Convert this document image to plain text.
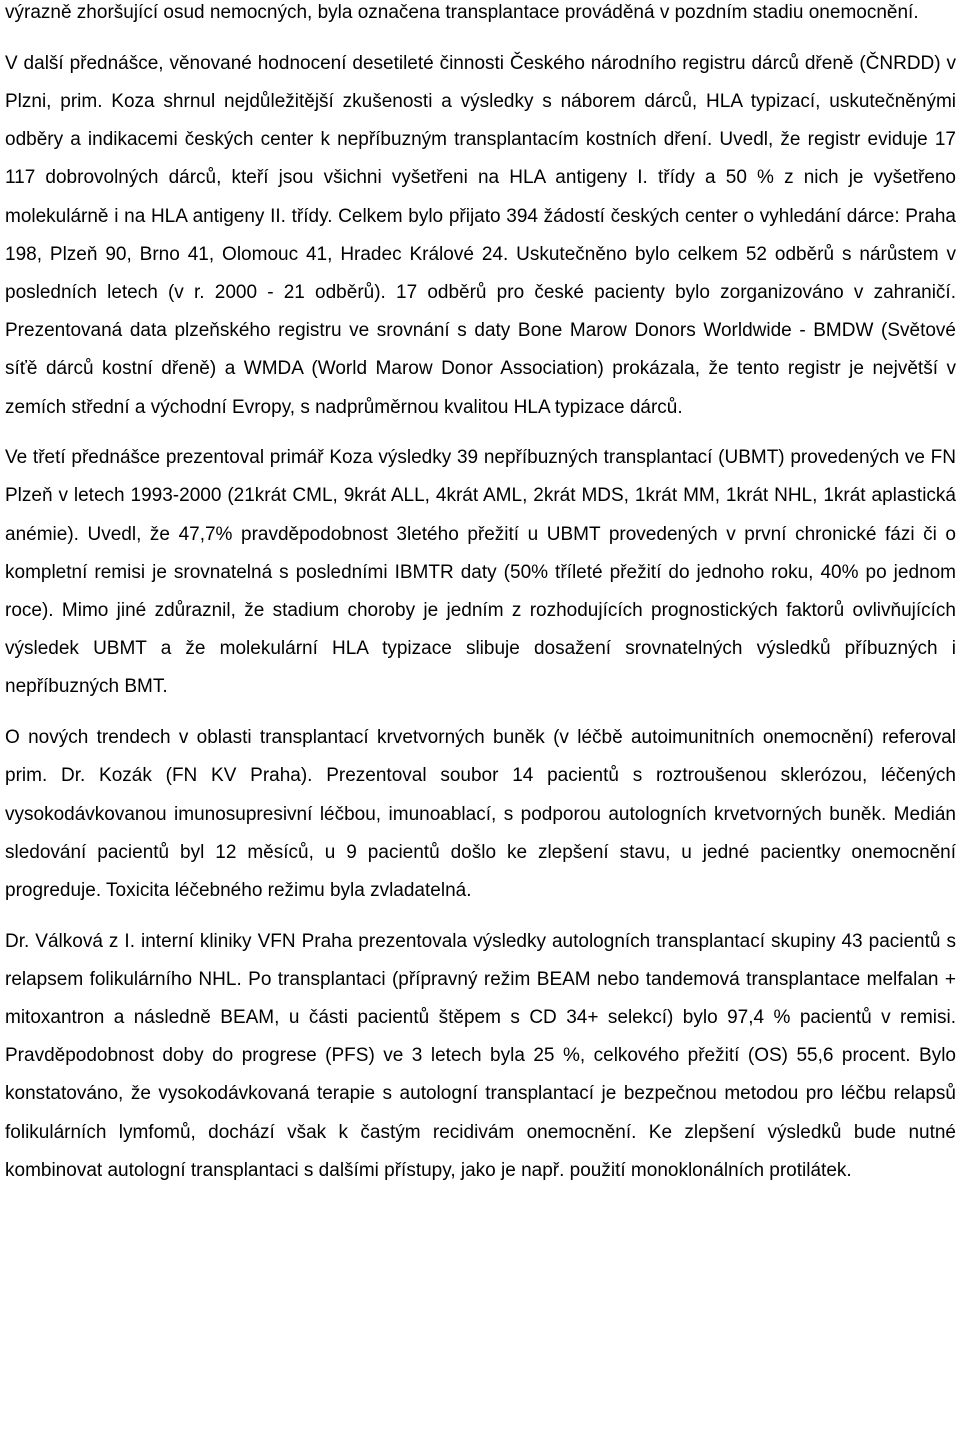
výrazně zhoršující osud nemocných, byla označena transplantace prováděná v pozdním stadiu onemocnění.

V další přednášce, věnované hodnocení desetileté činnosti Českého národního registru dárců dřeně (ČNRDD) v Plzni, prim. Koza shrnul nejdůležitější zkušenosti a výsledky s náborem dárců, HLA typizací, uskutečněnými odběry a indikacemi českých center k nepříbuzným transplantacím kostních dření. Uvedl, že registr eviduje 17 117 dobrovolných dárců, kteří jsou všichni vyšetřeni na HLA antigeny I. třídy a 50 % z nich je vyšetřeno molekulárně i na HLA antigeny II. třídy. Celkem bylo přijato 394 žádostí českých center o vyhledání dárce: Praha 198, Plzeň 90, Brno 41, Olomouc 41, Hradec Králové 24. Uskutečněno bylo celkem 52 odběrů s nárůstem v posledních letech (v r. 2000 - 21 odběrů). 17 odběrů pro české pacienty bylo zorganizováno v zahraničí. Prezentovaná data plzeňského registru ve srovnání s daty Bone Marow Donors Worldwide - BMDW (Světové síťě dárců kostní dřeně) a WMDA (World Marow Donor Association) prokázala, že tento registr je největší v zemích střední a východní Evropy, s nadprůměrnou kvalitou HLA typizace dárců.

Ve třetí přednášce prezentoval primář Koza výsledky 39 nepříbuzných transplantací (UBMT) provedených ve FN Plzeň v letech 1993-2000 (21krát CML, 9krát ALL, 4krát AML, 2krát MDS, 1krát MM, 1krát NHL, 1krát aplastická anémie). Uvedl, že 47,7% pravděpodobnost 3letého přežití u UBMT provedených v první chronické fázi či o kompletní remisi je srovnatelná s posledními IBMTR daty (50% tříleté přežití do jednoho roku, 40% po jednom roce). Mimo jiné zdůraznil, že stadium choroby je jedním z rozhodujících prognostických faktorů ovlivňujících výsledek UBMT a že molekulární HLA typizace slibuje dosažení srovnatelných výsledků příbuzných i nepříbuzných BMT.

O nových trendech v oblasti transplantací krvetvorných buněk (v léčbě autoimunitních onemocnění) referoval prim. Dr. Kozák (FN KV Praha). Prezentoval soubor 14 pacientů s roztroušenou sklerózou, léčených vysokodávkovanou imunosupresivní léčbou, imunoablací, s podporou autologních krvetvorných buněk. Medián sledování pacientů byl 12 měsíců, u 9 pacientů došlo ke zlepšení stavu, u jedné pacientky onemocnění progreduje. Toxicita léčebného režimu byla zvladatelná.

Dr. Válková z I. interní kliniky VFN Praha prezentovala výsledky autologních transplantací skupiny 43 pacientů s relapsem folikulárního NHL. Po transplantaci (přípravný režim BEAM nebo tandemová transplantace melfalan + mitoxantron a následně BEAM, u části pacientů štěpem s CD 34+ selekcí) bylo 97,4 % pacientů v remisi. Pravděpodobnost doby do progrese (PFS) ve 3 letech byla 25 %, celkového přežití (OS) 55,6 procent. Bylo konstatováno, že vysokodávkovaná terapie s autologní transplantací je bezpečnou metodou pro léčbu relapsů folikulárních lymfomů, dochází však k častým recidivám onemocnění. Ke zlepšení výsledků bude nutné kombinovat autologní transplantaci s dalšími přístupy, jako je např. použití monoklonálních protilátek.
